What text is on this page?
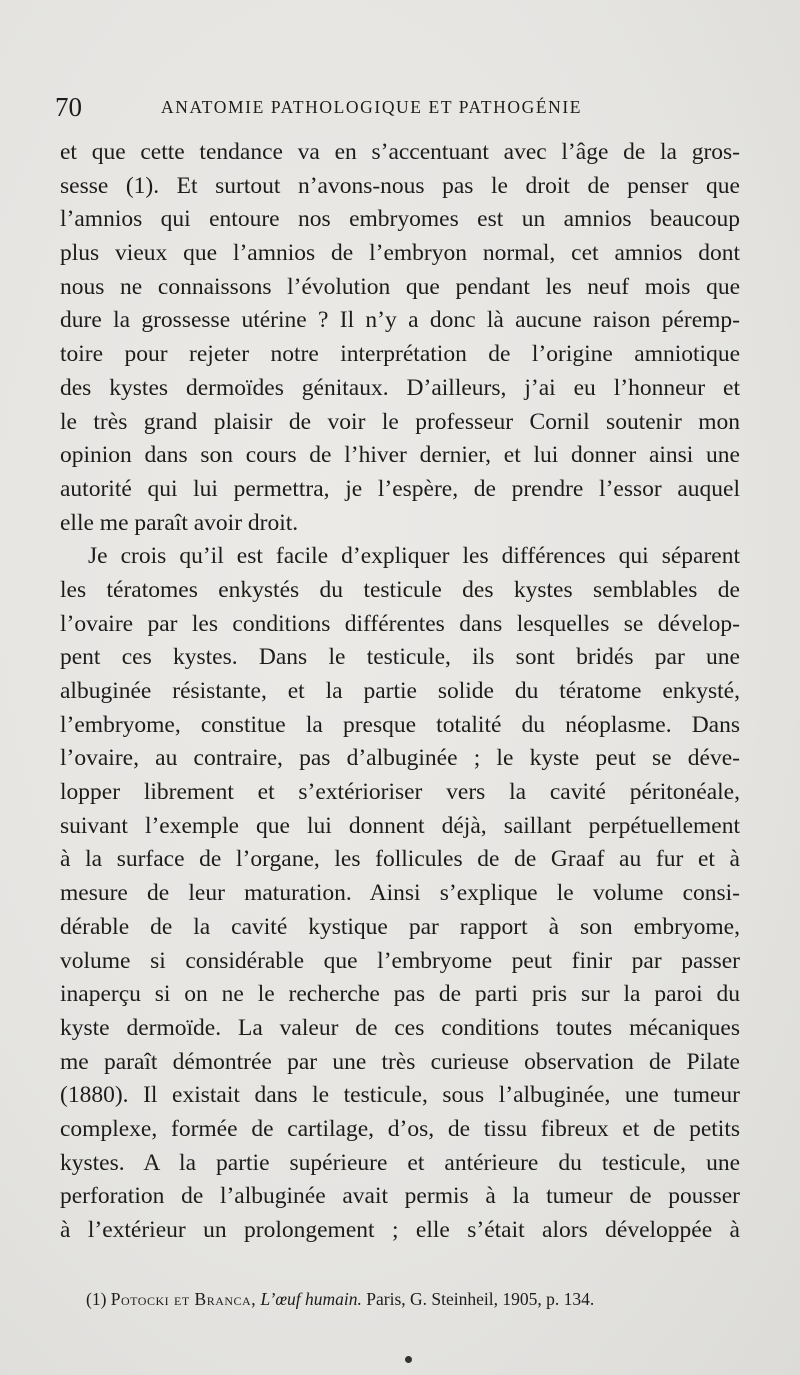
70	ANATOMIE PATHOLOGIQUE ET PATHOGÉNIE
et que cette tendance va en s’accentuant avec l’âge de la gros-
sesse (1). Et surtout n’avons-nous pas le droit de penser que
l’amnios qui entoure nos embryomes est un amnios beaucoup
plus vieux que l’amnios de l’embryon normal, cet amnios dont
nous ne connaissons l’évolution que pendant les neuf mois que
dure la grossesse utérine ? Il n’y a donc là aucune raison péremp-
toire pour rejeter notre interprétation de l’origine amniotique
des kystes dermoïdes génitaux. D’ailleurs, j’ai eu l’honneur et
le très grand plaisir de voir le professeur Cornil soutenir mon
opinion dans son cours de l’hiver dernier, et lui donner ainsi une
autorité qui lui permettra, je l’espère, de prendre l’essor auquel
elle me paraît avoir droit.
Je crois qu’il est facile d’expliquer les différences qui séparent
les tératomes enkystés du testicule des kystes semblables de
l’ovaire par les conditions différentes dans lesquelles se dévelop-
pent ces kystes. Dans le testicule, ils sont bridés par une
albuginée résistante, et la partie solide du tératome enkysté,
l’embryome, constitue la presque totalité du néoplasme. Dans
l’ovaire, au contraire, pas d’albuginée ; le kyste peut se déve-
lopper librement et s’extérioriser vers la cavité péritonéale,
suivant l’exemple que lui donnent déjà, saillant perpétuellement
à la surface de l’organe, les follicules de de Graaf au fur et à
mesure de leur maturation. Ainsi s’explique le volume consi-
dérable de la cavité kystique par rapport à son embryome,
volume si considérable que l’embryome peut finir par passer
inaperçu si on ne le recherche pas de parti pris sur la paroi du
kyste dermoïde. La valeur de ces conditions toutes mécaniques
me paraît démontrée par une très curieuse observation de Pilate
(1880). Il existait dans le testicule, sous l’albuginée, une tumeur
complexe, formée de cartilage, d’os, de tissu fibreux et de petits
kystes. A la partie supérieure et antérieure du testicule, une
perforation de l’albuginée avait permis à la tumeur de pousser
à l’extérieur un prolongement ; elle s’était alors développée à
(1) Potocki et Branca, L’œuf humain. Paris, G. Steinheil, 1905, p. 134.
